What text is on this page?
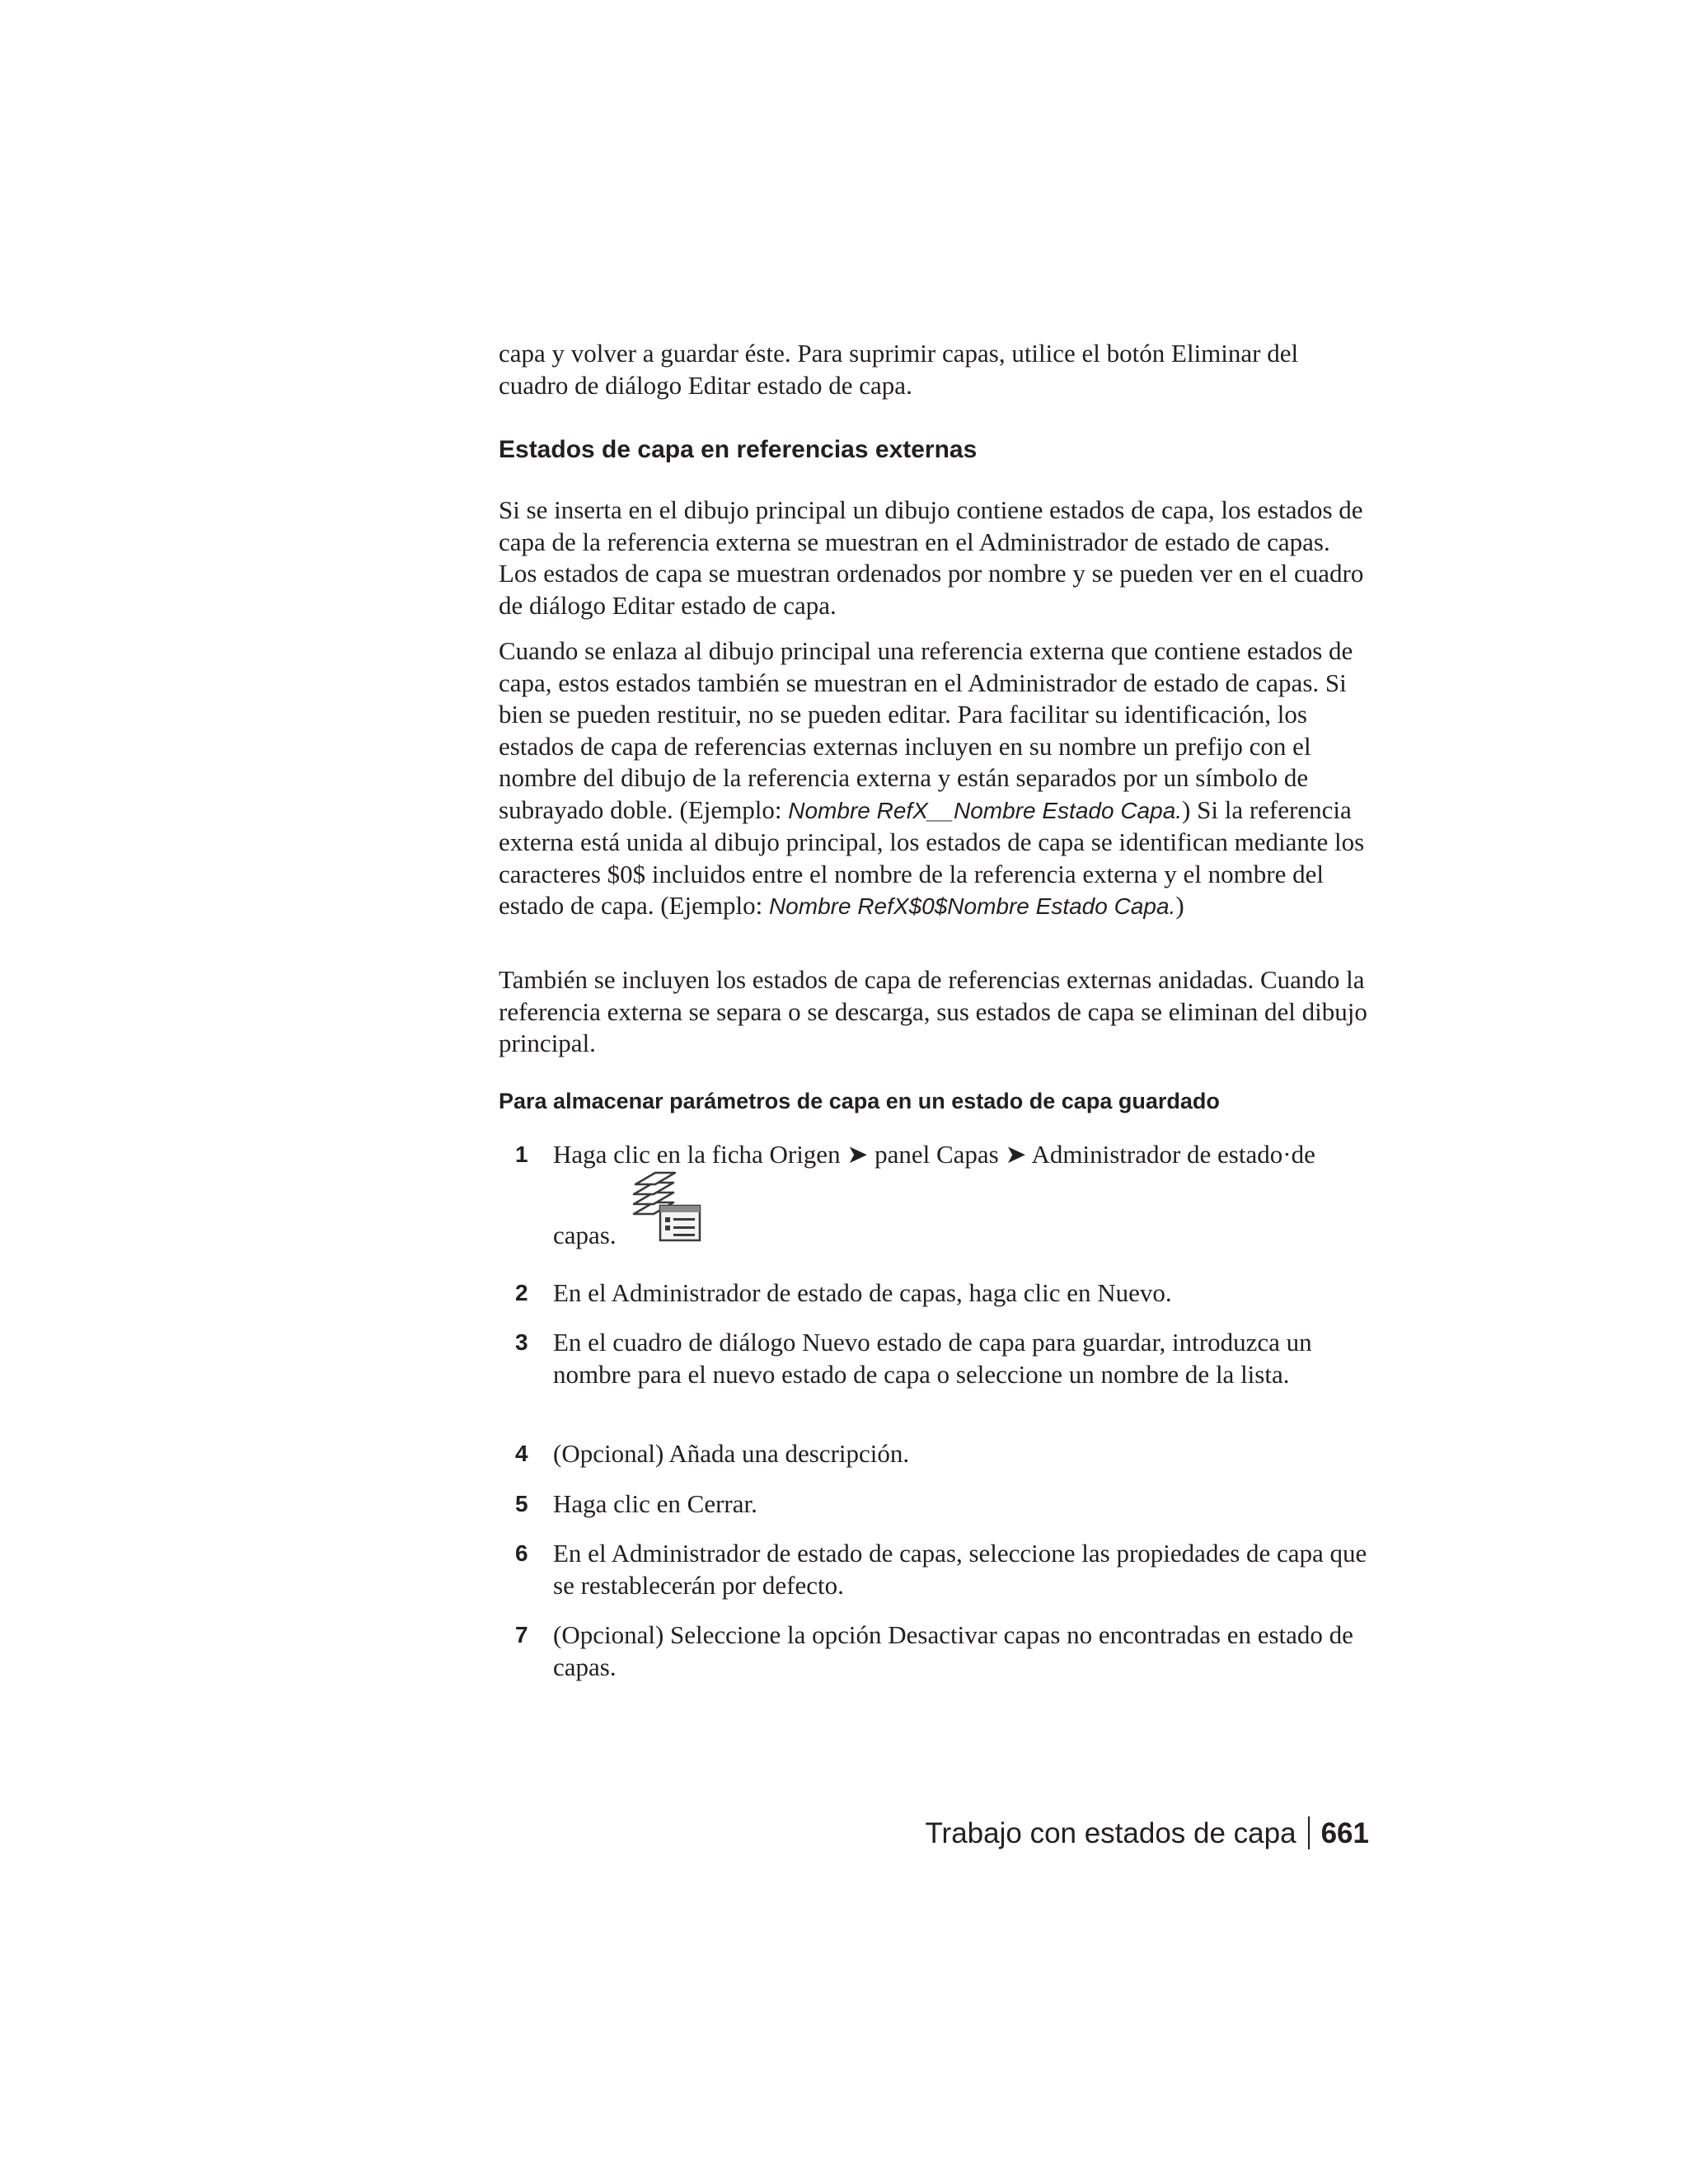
capa y volver a guardar éste. Para suprimir capas, utilice el botón Eliminar del cuadro de diálogo Editar estado de capa.

Estados de capa en referencias externas

Si se inserta en el dibujo principal un dibujo contiene estados de capa, los estados de capa de la referencia externa se muestran en el Administrador de estado de capas. Los estados de capa se muestran ordenados por nombre y se pueden ver en el cuadro de diálogo Editar estado de capa.

Cuando se enlaza al dibujo principal una referencia externa que contiene estados de capa, estos estados también se muestran en el Administrador de estado de capas. Si bien se pueden restituir, no se pueden editar. Para facilitar su identificación, los estados de capa de referencias externas incluyen en su nombre un prefijo con el nombre del dibujo de la referencia externa y están separados por un símbolo de subrayado doble. (Ejemplo: Nombre RefX__Nombre Estado Capa.) Si la referencia externa está unida al dibujo principal, los estados de capa se identifican mediante los caracteres $0$ incluidos entre el nombre de la referencia externa y el nombre del estado de capa. (Ejemplo: Nombre RefX$0$Nombre Estado Capa.)

También se incluyen los estados de capa de referencias externas anidadas. Cuando la referencia externa se separa o se descarga, sus estados de capa se eliminan del dibujo principal.

Para almacenar parámetros de capa en un estado de capa guardado
1 Haga clic en la ficha Origen ➤ panel Capas ➤ Administrador de estado·de capas.
2 En el Administrador de estado de capas, haga clic en Nuevo.
3 En el cuadro de diálogo Nuevo estado de capa para guardar, introduzca un nombre para el nuevo estado de capa o seleccione un nombre de la lista.
4 (Opcional) Añada una descripción.
5 Haga clic en Cerrar.
6 En el Administrador de estado de capas, seleccione las propiedades de capa que se restablecerán por defecto.
7 (Opcional) Seleccione la opción Desactivar capas no encontradas en estado de capas.
Trabajo con estados de capa 661
